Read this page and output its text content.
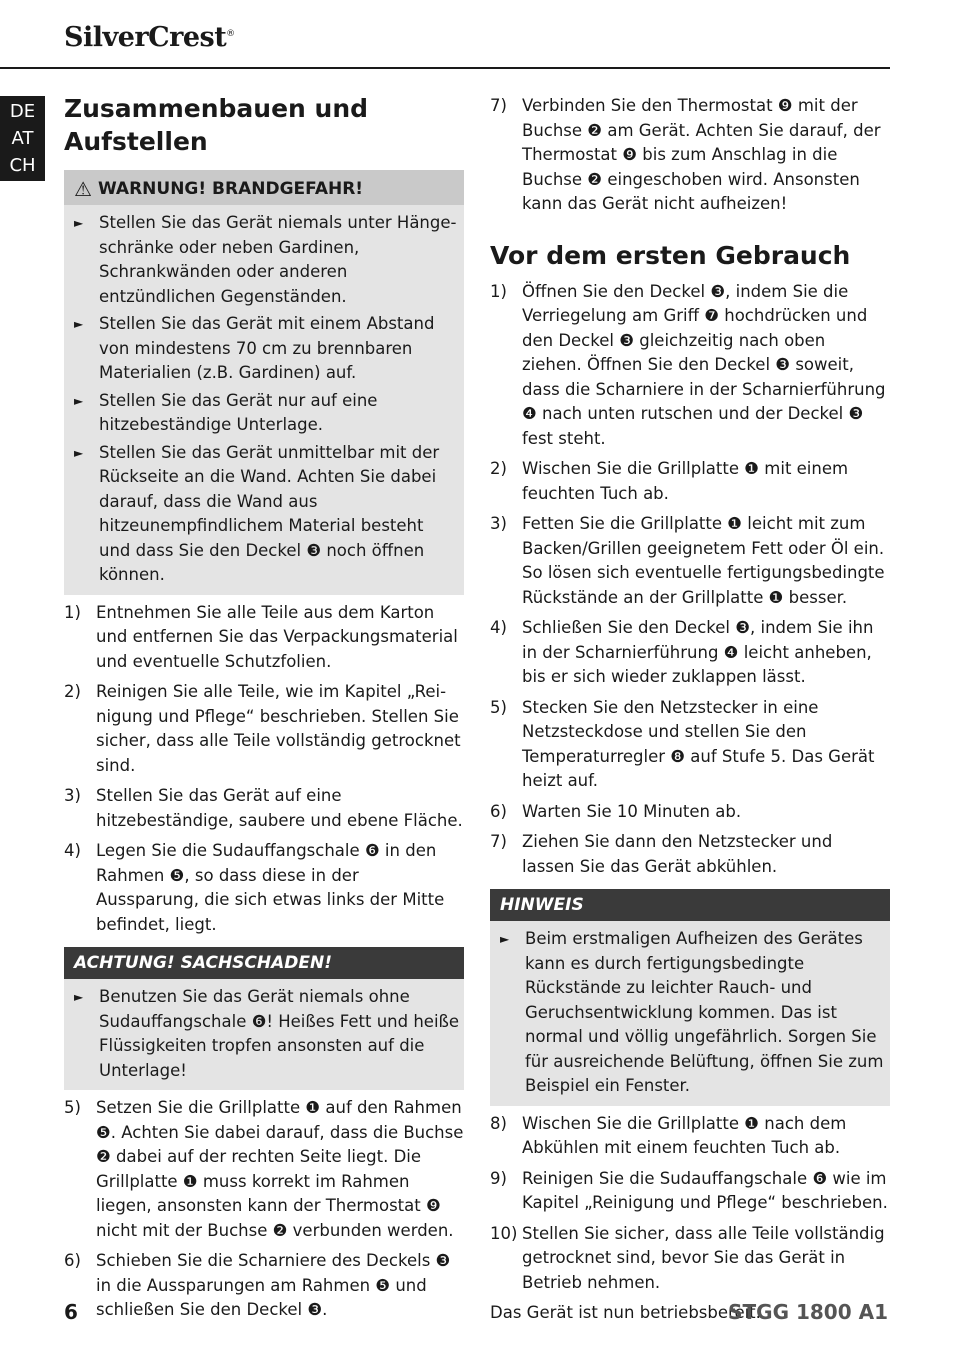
SilverCrest®
DE
AT
CH
Zusammenbauen und Aufstellen
⚠ WARNUNG! BRANDGEFAHR!
► Stellen Sie das Gerät niemals unter Hängeschränke oder neben Gardinen, Schrankwänden oder anderen entzündlichen Gegenständen.
► Stellen Sie das Gerät mit einem Abstand von mindestens 70 cm zu brennbaren Materialien (z.B. Gardinen) auf.
► Stellen Sie das Gerät nur auf eine hitzebeständige Unterlage.
► Stellen Sie das Gerät unmittelbar mit der Rückseite an die Wand. Achten Sie dabei darauf, dass die Wand aus hitzeunempfindlichem Material besteht und dass Sie den Deckel ❸ noch öffnen können.
1) Entnehmen Sie alle Teile aus dem Karton und entfernen Sie das Verpackungsmaterial und eventuelle Schutzfolien.
2) Reinigen Sie alle Teile, wie im Kapitel „Reinigung und Pflege“ beschrieben. Stellen Sie sicher, dass alle Teile vollständig getrocknet sind.
3) Stellen Sie das Gerät auf eine hitzebeständige, saubere und ebene Fläche.
4) Legen Sie die Sudauffangschale ❻ in den Rahmen ❺, so dass diese in der Aussparung, die sich etwas links der Mitte befindet, liegt.
ACHTUNG! SACHSCHADEN!
► Benutzen Sie das Gerät niemals ohne Sudauffangschale ❻! Heißes Fett und heiße Flüssigkeiten tropfen ansonsten auf die Unterlage!
5) Setzen Sie die Grillplatte ❶ auf den Rahmen ❺. Achten Sie dabei darauf, dass die Buchse ❷ dabei auf der rechten Seite liegt. Die Grillplatte ❶ muss korrekt im Rahmen liegen, ansonsten kann der Thermostat ❾ nicht mit der Buchse ❷ verbunden werden.
6) Schieben Sie die Scharniere des Deckels ❸ in die Aussparungen am Rahmen ❺ und schließen Sie den Deckel ❸.
7) Verbinden Sie den Thermostat ❾ mit der Buchse ❷ am Gerät. Achten Sie darauf, der Thermostat ❾ bis zum Anschlag in die Buchse ❷ eingeschoben wird. Ansonsten kann das Gerät nicht aufheizen!
Vor dem ersten Gebrauch
1) Öffnen Sie den Deckel ❸, indem Sie die Verriegelung am Griff ❼ hochdrücken und den Deckel ❸ gleichzeitig nach oben ziehen. Öffnen Sie den Deckel ❸ soweit, dass die Scharniere in der Scharnierführung ❹ nach unten rutschen und der Deckel ❸ fest steht.
2) Wischen Sie die Grillplatte ❶ mit einem feuchten Tuch ab.
3) Fetten Sie die Grillplatte ❶ leicht mit zum Backen/Grillen geeignetem Fett oder Öl ein. So lösen sich eventuelle fertigungsbedingte Rückstände an der Grillplatte ❶ besser.
4) Schließen Sie den Deckel ❸, indem Sie ihn in der Scharnierführung ❹ leicht anheben, bis er sich wieder zuklappen lässt.
5) Stecken Sie den Netzstecker in eine Netzsteckdose und stellen Sie den Temperaturregler ❽ auf Stufe 5. Das Gerät heizt auf.
6) Warten Sie 10 Minuten ab.
7) Ziehen Sie dann den Netzstecker und lassen Sie das Gerät abkühlen.
HINWEIS
► Beim erstmaligen Aufheizen des Gerätes kann es durch fertigungsbedingte Rückstände zu leichter Rauch- und Geruchsentwicklung kommen. Das ist normal und völlig ungefährlich. Sorgen Sie für ausreichende Belüftung, öffnen Sie zum Beispiel ein Fenster.
8) Wischen Sie die Grillplatte ❶ nach dem Abkühlen mit einem feuchten Tuch ab.
9) Reinigen Sie die Sudauffangschale ❻ wie im Kapitel „Reinigung und Pflege“ beschrieben.
10) Stellen Sie sicher, dass alle Teile vollständig getrocknet sind, bevor Sie das Gerät in Betrieb nehmen.
Das Gerät ist nun betriebsbereit.
6	STGG 1800 A1
